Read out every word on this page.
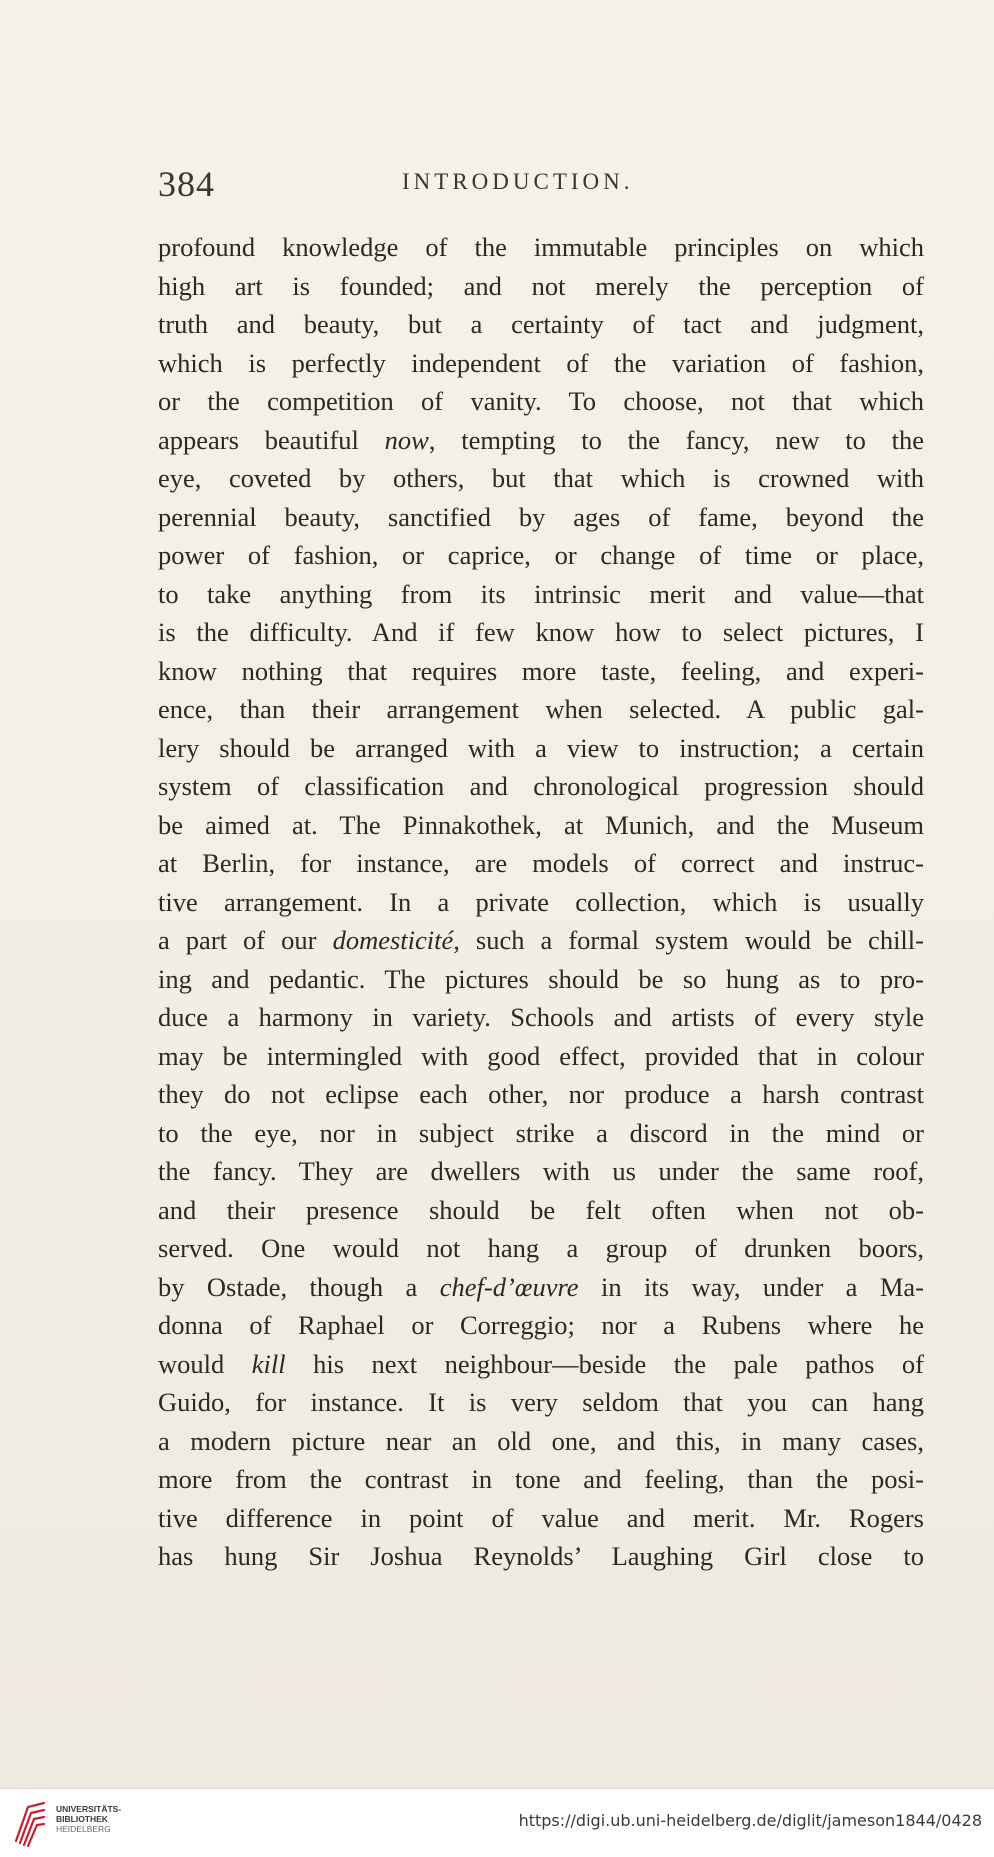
384	INTRODUCTION.
profound knowledge of the immutable principles on which
high art is founded; and not merely the perception of
truth and beauty, but a certainty of tact and judgment,
which is perfectly independent of the variation of fashion,
or the competition of vanity. To choose, not that which
appears beautiful now, tempting to the fancy, new to the
eye, coveted by others, but that which is crowned with
perennial beauty, sanctified by ages of fame, beyond the
power of fashion, or caprice, or change of time or place,
to take anything from its intrinsic merit and value—that
is the difficulty. And if few know how to select pictures, I
know nothing that requires more taste, feeling, and experi-
ence, than their arrangement when selected. A public gal-
lery should be arranged with a view to instruction; a certain
system of classification and chronological progression should
be aimed at. The Pinnakothek, at Munich, and the Museum
at Berlin, for instance, are models of correct and instruc-
tive arrangement. In a private collection, which is usually
a part of our domesticité, such a formal system would be chill-
ing and pedantic. The pictures should be so hung as to pro-
duce a harmony in variety. Schools and artists of every style
may be intermingled with good effect, provided that in colour
they do not eclipse each other, nor produce a harsh contrast
to the eye, nor in subject strike a discord in the mind or
the fancy. They are dwellers with us under the same roof,
and their presence should be felt often when not ob-
served. One would not hang a group of drunken boors,
by Ostade, though a chef-d’œuvre in its way, under a Ma-
donna of Raphael or Correggio; nor a Rubens where he
would kill his next neighbour—beside the pale pathos of
Guido, for instance. It is very seldom that you can hang
a modern picture near an old one, and this, in many cases,
more from the contrast in tone and feeling, than the posi-
tive difference in point of value and merit. Mr. Rogers
has hung Sir Joshua Reynolds’ Laughing Girl close to
UNIVERSITÄTS-
BIBLIOTHEK
HEIDELBERG	https://digi.ub.uni-heidelberg.de/diglit/jameson1844/0428
